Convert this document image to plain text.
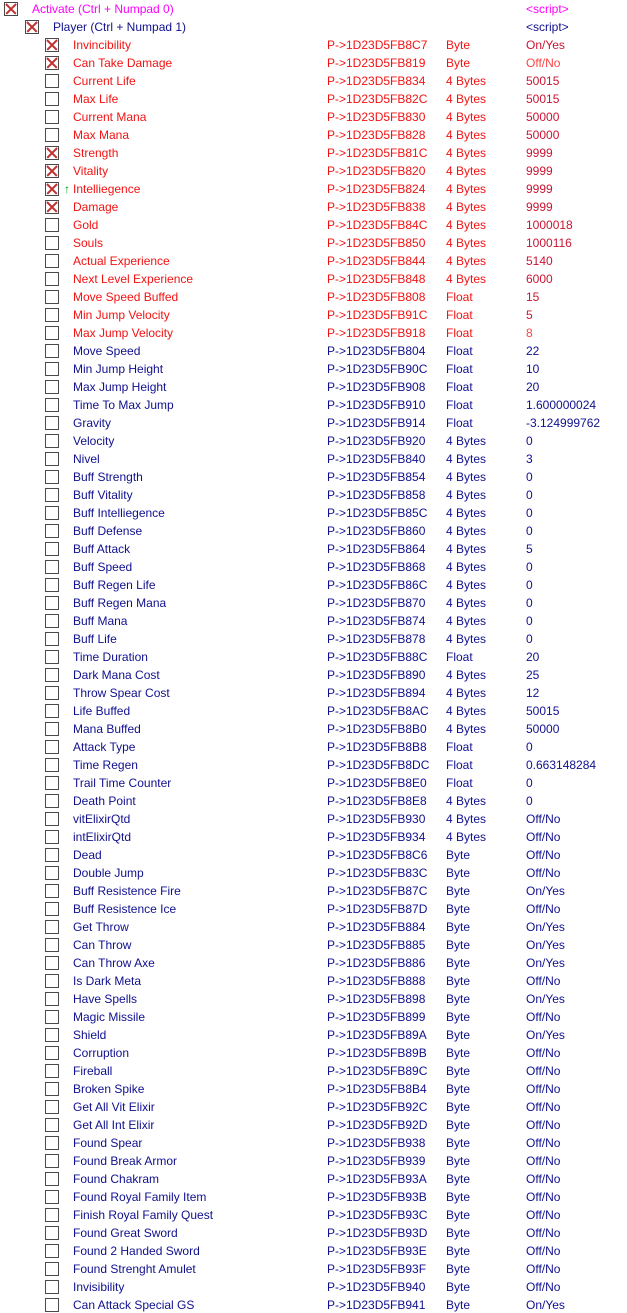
Activate (Ctrl + Numpad 0)	<script>
Player (Ctrl + Numpad 1)	<script>
Invincibility	P->1D23D5FB8C7 Byte	On/Yes
Can Take Damage	P->1D23D5FB819 Byte	Off/No
Current Life	P->1D23D5FB834 4 Bytes	50015
Max Life	P->1D23D5FB82C 4 Bytes	50015
Current Mana	P->1D23D5FB830 4 Bytes	50000
Max Mana	P->1D23D5FB828 4 Bytes	50000
Strength	P->1D23D5FB81C 4 Bytes	9999
Vitality	P->1D23D5FB820 4 Bytes	9999
↑ Intelliegence	P->1D23D5FB824 4 Bytes	9999
Damage	P->1D23D5FB838 4 Bytes	9999
Gold	P->1D23D5FB84C 4 Bytes	1000018
Souls	P->1D23D5FB850 4 Bytes	1000116
Actual Experience	P->1D23D5FB844 4 Bytes	5140
Next Level Experience	P->1D23D5FB848 4 Bytes	6000
Move Speed Buffed	P->1D23D5FB808 Float	15
Min Jump Velocity	P->1D23D5FB91C Float	5
Max Jump Velocity	P->1D23D5FB918 Float	8
Move Speed	P->1D23D5FB804 Float	22
Min Jump Height	P->1D23D5FB90C Float	10
Max Jump Height	P->1D23D5FB908 Float	20
Time To Max Jump	P->1D23D5FB910 Float	1.600000024
Gravity	P->1D23D5FB914 Float	-3.124999762
Velocity	P->1D23D5FB920 4 Bytes	0
Nivel	P->1D23D5FB840 4 Bytes	3
Buff Strength	P->1D23D5FB854 4 Bytes	0
Buff Vitality	P->1D23D5FB858 4 Bytes	0
Buff Intelliegence	P->1D23D5FB85C 4 Bytes	0
Buff Defense	P->1D23D5FB860 4 Bytes	0
Buff Attack	P->1D23D5FB864 4 Bytes	5
Buff Speed	P->1D23D5FB868 4 Bytes	0
Buff Regen Life	P->1D23D5FB86C 4 Bytes	0
Buff Regen Mana	P->1D23D5FB870 4 Bytes	0
Buff Mana	P->1D23D5FB874 4 Bytes	0
Buff Life	P->1D23D5FB878 4 Bytes	0
Time Duration	P->1D23D5FB88C Float	20
Dark Mana Cost	P->1D23D5FB890 4 Bytes	25
Throw Spear Cost	P->1D23D5FB894 4 Bytes	12
Life Buffed	P->1D23D5FB8AC 4 Bytes	50015
Mana Buffed	P->1D23D5FB8B0 4 Bytes	50000
Attack Type	P->1D23D5FB8B8 Float	0
Time Regen	P->1D23D5FB8DC Float	0.663148284
Trail Time Counter	P->1D23D5FB8E0 Float	0
Death Point	P->1D23D5FB8E8 4 Bytes	0
vitElixirQtd	P->1D23D5FB930 4 Bytes	Off/No
intElixirQtd	P->1D23D5FB934 4 Bytes	Off/No
Dead	P->1D23D5FB8C6 Byte	Off/No
Double Jump	P->1D23D5FB83C Byte	Off/No
Buff Resistence Fire	P->1D23D5FB87C Byte	On/Yes
Buff Resistence Ice	P->1D23D5FB87D Byte	Off/No
Get Throw	P->1D23D5FB884 Byte	On/Yes
Can Throw	P->1D23D5FB885 Byte	On/Yes
Can Throw Axe	P->1D23D5FB886 Byte	On/Yes
Is Dark Meta	P->1D23D5FB888 Byte	Off/No
Have Spells	P->1D23D5FB898 Byte	On/Yes
Magic Missile	P->1D23D5FB899 Byte	Off/No
Shield	P->1D23D5FB89A Byte	On/Yes
Corruption	P->1D23D5FB89B Byte	Off/No
Fireball	P->1D23D5FB89C Byte	Off/No
Broken Spike	P->1D23D5FB8B4 Byte	Off/No
Get All Vit Elixir	P->1D23D5FB92C Byte	Off/No
Get All Int Elixir	P->1D23D5FB92D Byte	Off/No
Found Spear	P->1D23D5FB938 Byte	Off/No
Found Break Armor	P->1D23D5FB939 Byte	Off/No
Found Chakram	P->1D23D5FB93A Byte	Off/No
Found Royal Family Item	P->1D23D5FB93B Byte	Off/No
Finish Royal Family Quest	P->1D23D5FB93C Byte	Off/No
Found Great Sword	P->1D23D5FB93D Byte	Off/No
Found 2 Handed Sword	P->1D23D5FB93E Byte	Off/No
Found Strenght Amulet	P->1D23D5FB93F Byte	Off/No
Invisibility	P->1D23D5FB940 Byte	Off/No
Can Attack Special GS	P->1D23D5FB941 Byte	On/Yes
